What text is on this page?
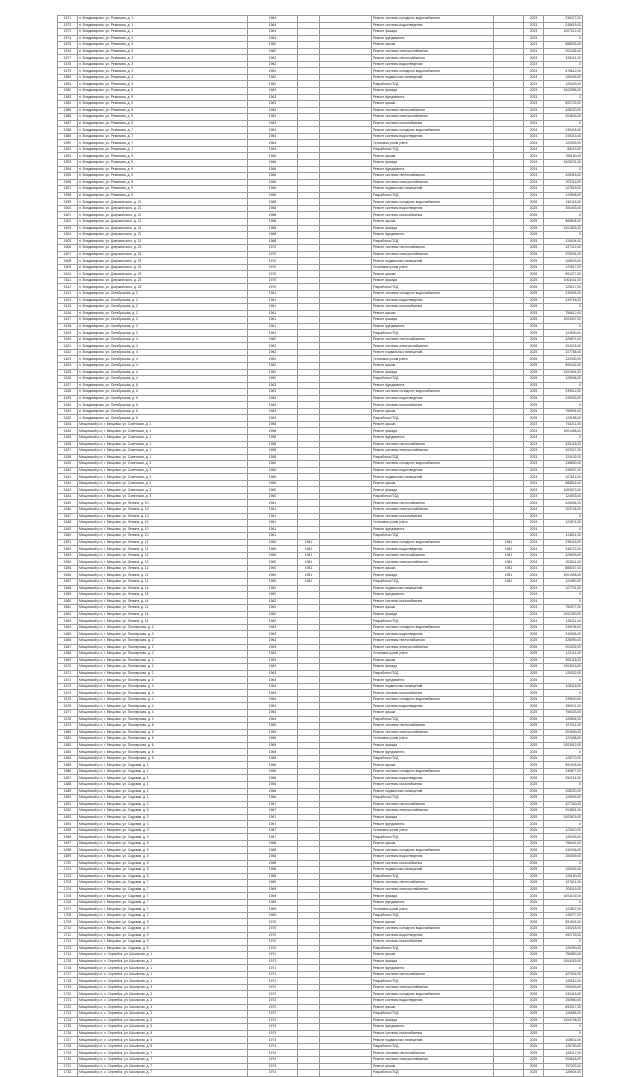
1571	п. Владимирово, ул. Ремизова, д. 1	1964			Ремонт системы холодного водоснабжения		2023	238477,00
1572	п. Владимирово, ул. Ремизова, д. 1	1964			Ремонт системы водоотведения		2023	248615,00
1573	п. Владимирово, ул. Ремизова, д. 1	1964			Ремонт фасада		2023	1007012,00
1574	п. Владимирово, ул. Ремизова, д. 1	1964			Ремонт фундамента		2023	0
1575	п. Владимирово, ул. Ремизова, д. 3	1962			Ремонт крыши		2023	888525,00
1576	п. Владимирово, ул. Ремизова, д. 3	1962			Ремонт системы электроснабжения		2023	201436,00
1577	п. Владимирово, ул. Ремизова, д. 3	1962			Ремонт системы теплоснабжения		2023	425411,00
1578	п. Владимирово, ул. Ремизова, д. 3	1962			Ремонт системы водоотведения		2023	0
1579	п. Владимирово, ул. Ремизова, д. 3	1962			Ремонт системы холодного водоснабжения		2023	476612,00
1580	п. Владимирово, ул. Ремизова, д. 3	1962			Ремонт подвальных помещений		2023	108443,00
1581	п. Владимирово, ул. Ремизова, д. 3	1962			Разработка ПСД		2023	125423,00
1582	п. Владимирово, ул. Ремизова, д. 5	1963			Ремонт фасада		2023	1002556,00
1583	п. Владимирово, ул. Ремизова, д. 5	1963			Ремонт фундамента		2023	0
1584	п. Владимирово, ул. Ремизова, д. 5	1963			Ремонт крыши		2023	892729,00
1585	п. Владимирово, ул. Ремизова, д. 5	1963			Ремонт системы теплоснабжения		2023	428220,00
1586	п. Владимирово, ул. Ремизова, д. 5	1963			Ремонт системы электроснабжения		2023	204633,00
1587	п. Владимирово, ул. Ремизова, д. 5	1963			Ремонт системы газоснабжения		2023	0
1588	п. Владимирово, ул. Ремизова, д. 7	1964			Ремонт системы холодного водоснабжения		2024	239418,00
1589	п. Владимирово, ул. Ремизова, д. 7	1964			Ремонт системы водоотведения		2024	249216,00
1590	п. Владимирово, ул. Ремизова, д. 7	1964			Установка узлов учета		2024	122009,00
1591	п. Владимирово, ул. Ремизова, д. 7	1964			Разработка ПСД		2024	85213,00
1592	п. Владимирово, ул. Ремизова, д. 9	1966			Ремонт крыши		2024	755180,00
1593	п. Владимирово, ул. Ремизова, д. 9	1966			Ремонт фасада		2024	1005231,00
1594	п. Владимирово, ул. Ремизова, д. 9	1966			Ремонт фундамента		2024	0
1595	п. Владимирово, ул. Ремизова, д. 9	1966			Ремонт системы теплоснабжения		2024	426315,00
1596	п. Владимирово, ул. Ремизова, д. 9	1966			Ремонт системы электроснабжения		2024	203116,00
1597	п. Владимирово, ул. Ремизова, д. 9	1966			Ремонт подвальных помещений		2024	107819,00
1598	п. Владимирово, ул. Ремизова, д. 9	1966			Разработка ПСД		2024	124508,00
1599	п. Владимирово, ул. Дзержинского, д. 21	1968			Ремонт системы холодного водоснабжения		2025	240115,00
1600	п. Владимирово, ул. Дзержинского, д. 21	1968			Ремонт системы водоотведения		2025	250403,00
1601	п. Владимирово, ул. Дзержинского, д. 21	1968			Ремонт системы газоснабжения		2025	0
1602	п. Владимирово, ул. Дзержинского, д. 21	1968			Ремонт крыши		2025	889604,00
1603	п. Владимирово, ул. Дзержинского, д. 21	1968			Ремонт фасада		2025	1001825,00
1604	п. Владимирово, ул. Дзержинского, д. 21	1968			Ремонт фундамента		2025	0
1605	п. Владимирово, ул. Дзержинского, д. 21	1968			Разработка ПСД		2025	126004,00
1606	п. Владимирово, ул. Дзержинского, д. 23	1970			Ремонт системы теплоснабжения		2025	427112,00
1607	п. Владимирово, ул. Дзержинского, д. 23	1970			Ремонт системы электроснабжения		2025	205004,00
1608	п. Владимирово, ул. Дзержинского, д. 23	1970			Ремонт подвальных помещений		2025	108003,00
1609	п. Владимирово, ул. Дзержинского, д. 23	1970			Установка узлов учета		2025	122517,00
1610	п. Владимирово, ул. Дзержинского, д. 23	1970			Ремонт крыши		2025	891377,00
1611	п. Владимирово, ул. Дзержинского, д. 23	1970			Ремонт фасада		2025	1004411,00
1612	п. Владимирово, ул. Дзержинского, д. 23	1970			Разработка ПСД		2025	125217,00
1613	п. Владимирово, ул. Октябрьская, д. 2	1961			Ремонт системы холодного водоснабжения		2025	239006,00
1614	п. Владимирово, ул. Октябрьская, д. 2	1961			Ремонт системы водоотведения		2025	249718,00
1615	п. Владимирово, ул. Октябрьская, д. 2	1961			Ремонт системы газоснабжения		2025	0
1616	п. Владимирово, ул. Октябрьская, д. 2	1961			Ремонт крыши		2025	755612,00
1617	п. Владимирово, ул. Октябрьская, д. 2	1961			Ремонт фасада		2025	1003307,00
1618	п. Владимирово, ул. Октябрьская, д. 2	1961			Ремонт фундамента		2025	0
1619	п. Владимирово, ул. Октябрьская, д. 2	1961			Разработка ПСД		2025	124930,00
1620	п. Владимирово, ул. Октябрьская, д. 4	1962			Ремонт системы теплоснабжения		2025	426871,00
1621	п. Владимирово, ул. Октябрьская, д. 4	1962			Ремонт системы электроснабжения		2025	204218,00
1622	п. Владимирово, ул. Октябрьская, д. 4	1962			Ремонт подвальных помещений		2025	107756,00
1623	п. Владимирово, ул. Октябрьская, д. 4	1962			Установка узлов учета		2025	122330,00
1624	п. Владимирово, ул. Октябрьская, д. 4	1962			Ремонт крыши		2025	890442,00
1625	п. Владимирово, ул. Октябрьская, д. 4	1962			Ремонт фасада		2025	1002944,00
1626	п. Владимирово, ул. Октябрьская, д. 4	1962			Разработка ПСД		2025	125006,00
1627	п. Владимирово, ул. Октябрьская, д. 6	1963			Ремонт фундамента		2025	0
1628	п. Владимирово, ул. Октябрьская, д. 6	1963			Ремонт системы холодного водоснабжения		2025	239512,00
1629	п. Владимирово, ул. Октябрьская, д. 6	1963			Ремонт системы водоотведения		2025	249933,00
1630	п. Владимирово, ул. Октябрьская, д. 6	1963			Ремонт системы газоснабжения		2025	0
1631	п. Владимирово, ул. Октябрьская, д. 6	1963			Ремонт крыши		2025	755904,00
1632	п. Владимирово, ул. Октябрьская, д. 6	1963			Разработка ПСД		2025	125188,00
1633	Мещовский р-н, г. Мещовск, ул. Советская, д. 1	1958			Ремонт крыши		2023	754211,00
1634	Мещовский р-н, г. Мещовск, ул. Советская, д. 1	1958			Ремонт фасада		2023	1001456,00
1635	Мещовский р-н, г. Мещовск, ул. Советская, д. 1	1958			Ремонт фундамента		2023	0
1636	Мещовский р-н, г. Мещовск, ул. Советская, д. 1	1958			Ремонт системы теплоснабжения		2023	425118,00
1637	Мещовский р-н, г. Мещовск, ул. Советская, д. 1	1958			Ремонт системы электроснабжения		2023	203327,00
1638	Мещовский р-н, г. Мещовск, ул. Советская, д. 1	1958			Разработка ПСД		2023	124102,00
1639	Мещовский р-н, г. Мещовск, ул. Советская, д. 3	1960			Ремонт системы холодного водоснабжения		2023	238830,00
1640	Мещовский р-н, г. Мещовск, ул. Советская, д. 3	1960			Ремонт системы водоотведения		2023	248907,00
1641	Мещовский р-н, г. Мещовск, ул. Советская, д. 3	1960			Ремонт подвальных помещений		2023	107612,00
1642	Мещовский р-н, г. Мещовск, ул. Советская, д. 3	1960			Ремонт крыши		2023	888816,00
1643	Мещовский р-н, г. Мещовск, ул. Советская, д. 3	1960			Ремонт фасада		2023	1000873,00
1644	Мещовский р-н, г. Мещовск, ул. Советская, д. 3	1960			Разработка ПСД		2023	124533,00
1645	Мещовский р-н, г. Мещовск, ул. Ленина, д. 10	1961			Ремонт системы теплоснабжения		2024	426004,00
1646	Мещовский р-н, г. Мещовск, ул. Ленина, д. 10	1961			Ремонт системы электроснабжения		2024	203745,00
1647	Мещовский р-н, г. Мещовск, ул. Ленина, д. 10	1961			Ремонт системы газоснабжения		2024	0
1648	Мещовский р-н, г. Мещовск, ул. Ленина, д. 10	1961			Установка узлов учета		2024	121874,00
1649	Мещовский р-н, г. Мещовск, ул. Ленина, д. 10	1961			Ремонт фундамента		2024	0
1650	Мещовский р-н, г. Мещовск, ул. Ленина, д. 10	1961			Разработка ПСД		2024	124811,00
1651	Мещовский р-н, г. Мещовск, ул. Ленина, д. 12	1960	1981		Ремонт системы холодного водоснабжения	1981	2024	238415,00
1652	Мещовский р-н, г. Мещовск, ул. Ленина, д. 12	1960	1981		Ремонт системы водоотведения	1981	2024	248722,00
1653	Мещовский р-н, г. Мещовск, ул. Ленина, д. 12	1960	1981		Ремонт системы теплоснабжения	1981	2024	425633,00
1654	Мещовский р-н, г. Мещовск, ул. Ленина, д. 12	1960	1981		Ремонт системы электроснабжения	1981	2024	203511,00
1655	Мещовский р-н, г. Мещовск, ул. Ленина, д. 12	1960	1981		Ремонт крыши	1981	2024	889207,00
1656	Мещовский р-н, г. Мещовск, ул. Ленина, д. 12	1960	1981		Ремонт фасада	1981	2024	1001908,00
1657	Мещовский р-н, г. Мещовск, ул. Ленина, д. 12	1960	1981		Разработка ПСД	1981	2024	124960,00
1658	Мещовский р-н, г. Мещовск, ул. Ленина, д. 14	1962			Ремонт подвальных помещений		2024	107701,00
1659	Мещовский р-н, г. Мещовск, ул. Ленина, д. 14	1962			Ремонт фундамента		2024	0
1660	Мещовский р-н, г. Мещовск, ул. Ленина, д. 14	1962			Ремонт системы газоснабжения		2024	0
1661	Мещовский р-н, г. Мещовск, ул. Ленина, д. 14	1962			Ремонт крыши		2024	755377,00
1662	Мещовский р-н, г. Мещовск, ул. Ленина, д. 14	1962			Ремонт фасада		2024	1002260,00
1663	Мещовский р-н, г. Мещовск, ул. Ленина, д. 14	1962			Разработка ПСД		2024	125411,00
1664	Мещовский р-н, г. Мещовск, ул. Пионерская, д. 2	1963			Ремонт системы холодного водоснабжения		2025	239105,00
1665	Мещовский р-н, г. Мещовск, ул. Пионерская, д. 2	1963			Ремонт системы водоотведения		2025	249406,00
1666	Мещовский р-н, г. Мещовск, ул. Пионерская, д. 2	1963			Ремонт системы теплоснабжения		2025	426590,00
1667	Мещовский р-н, г. Мещовск, ул. Пионерская, д. 2	1963			Ремонт системы электроснабжения		2025	204002,00
1668	Мещовский р-н, г. Мещовск, ул. Пионерская, д. 2	1963			Установка узлов учета		2025	122114,00
1669	Мещовский р-н, г. Мещовск, ул. Пионерская, д. 2	1963			Ремонт крыши		2025	890118,00
1670	Мещовский р-н, г. Мещовск, ул. Пионерская, д. 2	1963			Ремонт фасада		2025	1003015,00
1671	Мещовский р-н, г. Мещовск, ул. Пионерская, д. 2	1963			Разработка ПСД		2025	125322,00
1672	Мещовский р-н, г. Мещовск, ул. Пионерская, д. 4	1964			Ремонт фундамента		2025	0
1673	Мещовский р-н, г. Мещовск, ул. Пионерская, д. 4	1964			Ремонт подвальных помещений		2025	108115,00
1674	Мещовский р-н, г. Мещовск, ул. Пионерская, д. 4	1964			Ремонт системы газоснабжения		2025	0
1675	Мещовский р-н, г. Мещовск, ул. Пионерская, д. 4	1964			Ремонт системы холодного водоснабжения		2025	239640,00
1676	Мещовский р-н, г. Мещовск, ул. Пионерская, д. 4	1964			Ремонт системы водоотведения		2025	250011,00
1677	Мещовский р-н, г. Мещовск, ул. Пионерская, д. 4	1964			Ремонт крыши		2025	756023,00
1678	Мещовский р-н, г. Мещовск, ул. Пионерская, д. 4	1964			Разработка ПСД		2025	125604,00
1679	Мещовский р-н, г. Мещовск, ул. Пионерская, д. 6	1965			Ремонт системы теплоснабжения		2025	427011,00
1680	Мещовский р-н, г. Мещовск, ул. Пионерская, д. 6	1965			Ремонт системы электроснабжения		2025	204550,00
1681	Мещовский р-н, г. Мещовск, ул. Пионерская, д. 6	1965			Установка узлов учета		2025	122408,00
1682	Мещовский р-н, г. Мещовск, ул. Пионерская, д. 6	1965			Ремонт фасада		2025	1003512,00
1683	Мещовский р-н, г. Мещовск, ул. Пионерская, д. 6	1965			Ремонт фундамента		2025	0
1684	Мещовский р-н, г. Мещовск, ул. Пионерская, д. 6	1965			Разработка ПСД		2025	125770,00
1685	Мещовский р-н, г. Мещовск, ул. Садовая, д. 1	1966			Ремонт крыши		2025	891005,00
1686	Мещовский р-н, г. Мещовск, ул. Садовая, д. 1	1966			Ремонт системы холодного водоснабжения		2025	239877,00
1687	Мещовский р-н, г. Мещовск, ул. Садовая, д. 1	1966			Ремонт системы водоотведения		2025	250214,00
1688	Мещовский р-н, г. Мещовск, ул. Садовая, д. 1	1966			Ремонт системы газоснабжения		2025	0
1689	Мещовский р-н, г. Мещовск, ул. Садовая, д. 1	1966			Ремонт подвальных помещений		2025	108230,00
1690	Мещовский р-н, г. Мещовск, ул. Садовая, д. 1	1966			Разработка ПСД		2025	125909,00
1691	Мещовский р-н, г. Мещовск, ул. Садовая, д. 3	1967			Ремонт системы теплоснабжения		2025	427340,00
1692	Мещовский р-н, г. Мещовск, ул. Садовая, д. 3	1967			Ремонт системы электроснабжения		2025	204801,00
1693	Мещовский р-н, г. Мещовск, ул. Садовая, д. 3	1967			Ремонт фасада		2025	1003876,00
1694	Мещовский р-н, г. Мещовск, ул. Садовая, д. 3	1967			Ремонт фундамента		2025	0
1695	Мещовский р-н, г. Мещовск, ул. Садовая, д. 3	1967			Установка узлов учета		2025	122610,00
1696	Мещовский р-н, г. Мещовск, ул. Садовая, д. 3	1967			Разработка ПСД		2025	126033,00
1697	Мещовский р-н, г. Мещовск, ул. Садовая, д. 5	1968			Ремонт крыши		2025	756441,00
1698	Мещовский р-н, г. Мещовск, ул. Садовая, д. 5	1968			Ремонт системы холодного водоснабжения		2025	240006,00
1699	Мещовский р-н, г. Мещовск, ул. Садовая, д. 5	1968			Ремонт системы водоотведения		2025	250509,00
1700	Мещовский р-н, г. Мещовск, ул. Садовая, д. 5	1968			Ремонт системы газоснабжения		2025	0
1701	Мещовский р-н, г. Мещовск, ул. Садовая, д. 5	1968			Ремонт подвальных помещений		2025	108402,00
1702	Мещовский р-н, г. Мещовск, ул. Садовая, д. 5	1968			Разработка ПСД		2025	126150,00
1703	Мещовский р-н, г. Мещовск, ул. Садовая, д. 7	1969			Ремонт системы теплоснабжения		2025	427611,00
1704	Мещовский р-н, г. Мещовск, ул. Садовая, д. 7	1969			Ремонт системы электроснабжения		2025	205119,00
1705	Мещовский р-н, г. Мещовск, ул. Садовая, д. 7	1969			Ремонт фасада		2025	1004102,00
1706	Мещовский р-н, г. Мещовск, ул. Садовая, д. 7	1969			Ремонт фундамента		2025	0
1707	Мещовский р-н, г. Мещовск, ул. Садовая, д. 7	1969			Установка узлов учета		2025	122807,00
1708	Мещовский р-н, г. Мещовск, ул. Садовая, д. 7	1969			Разработка ПСД		2025	126277,00
1709	Мещовский р-н, г. Мещовск, ул. Садовая, д. 9	1970			Ремонт крыши		2025	891624,00
1710	Мещовский р-н, г. Мещовск, ул. Садовая, д. 9	1970			Ремонт системы холодного водоснабжения		2025	240218,00
1711	Мещовский р-н, г. Мещовск, ул. Садовая, д. 9	1970			Ремонт системы водоотведения		2025	250733,00
1712	Мещовский р-н, г. Мещовск, ул. Садовая, д. 9	1970			Ремонт системы газоснабжения		2025	0
1713	Мещовский р-н, г. Мещовск, ул. Садовая, д. 9	1970			Разработка ПСД		2025	126390,00
1714	Мещовский р-н, с. Серпейск, ул. Школьная, д. 1	1971			Ремонт крыши		2025	756880,00
1715	Мещовский р-н, с. Серпейск, ул. Школьная, д. 1	1971			Ремонт фасада		2025	1004415,00
1716	Мещовский р-н, с. Серпейск, ул. Школьная, д. 1	1971			Ремонт фундамента		2025	0
1717	Мещовский р-н, с. Серпейск, ул. Школьная, д. 1	1971			Ремонт системы теплоснабжения		2025	427902,00
1718	Мещовский р-н, с. Серпейск, ул. Школьная, д. 1	1971			Разработка ПСД		2025	126512,00
1719	Мещовский р-н, с. Серпейск, ул. Школьная, д. 3	1972			Ремонт системы электроснабжения		2025	205403,00
1720	Мещовский р-н, с. Серпейск, ул. Школьная, д. 3	1972			Ремонт системы холодного водоснабжения		2025	240415,00
1721	Мещовский р-н, с. Серпейск, ул. Школьная, д. 3	1972			Ремонт системы водоотведения		2025	250960,00
1722	Мещовский р-н, с. Серпейск, ул. Школьная, д. 3	1972			Ремонт крыши		2025	892017,00
1723	Мещовский р-н, с. Серпейск, ул. Школьная, д. 3	1972			Разработка ПСД		2025	126655,00
1724	Мещовский р-н, с. Серпейск, ул. Школьная, д. 5	1973			Ремонт фасада		2025	1004708,00
1725	Мещовский р-н, с. Серпейск, ул. Школьная, д. 5	1973			Ремонт фундамента		2025	0
1726	Мещовский р-н, с. Серпейск, ул. Школьная, д. 5	1973			Ремонт системы газоснабжения		2025	0
1727	Мещовский р-н, с. Серпейск, ул. Школьная, д. 5	1973			Ремонт подвальных помещений		2025	108611,00
1728	Мещовский р-н, с. Серпейск, ул. Школьная, д. 5	1973			Разработка ПСД		2025	126780,00
1729	Мещовский р-н, с. Серпейск, ул. Школьная, д. 7	1974			Ремонт системы теплоснабжения		2025	428117,00
1730	Мещовский р-н, с. Серпейск, ул. Школьная, д. 7	1974			Ремонт системы электроснабжения		2025	205618,00
1731	Мещовский р-н, с. Серпейск, ул. Школьная, д. 7	1974			Ремонт крыши		2025	757203,00
1732	Мещовский р-н, с. Серпейск, ул. Школьная, д. 7	1974			Разработка ПСД		2025	126904,00
